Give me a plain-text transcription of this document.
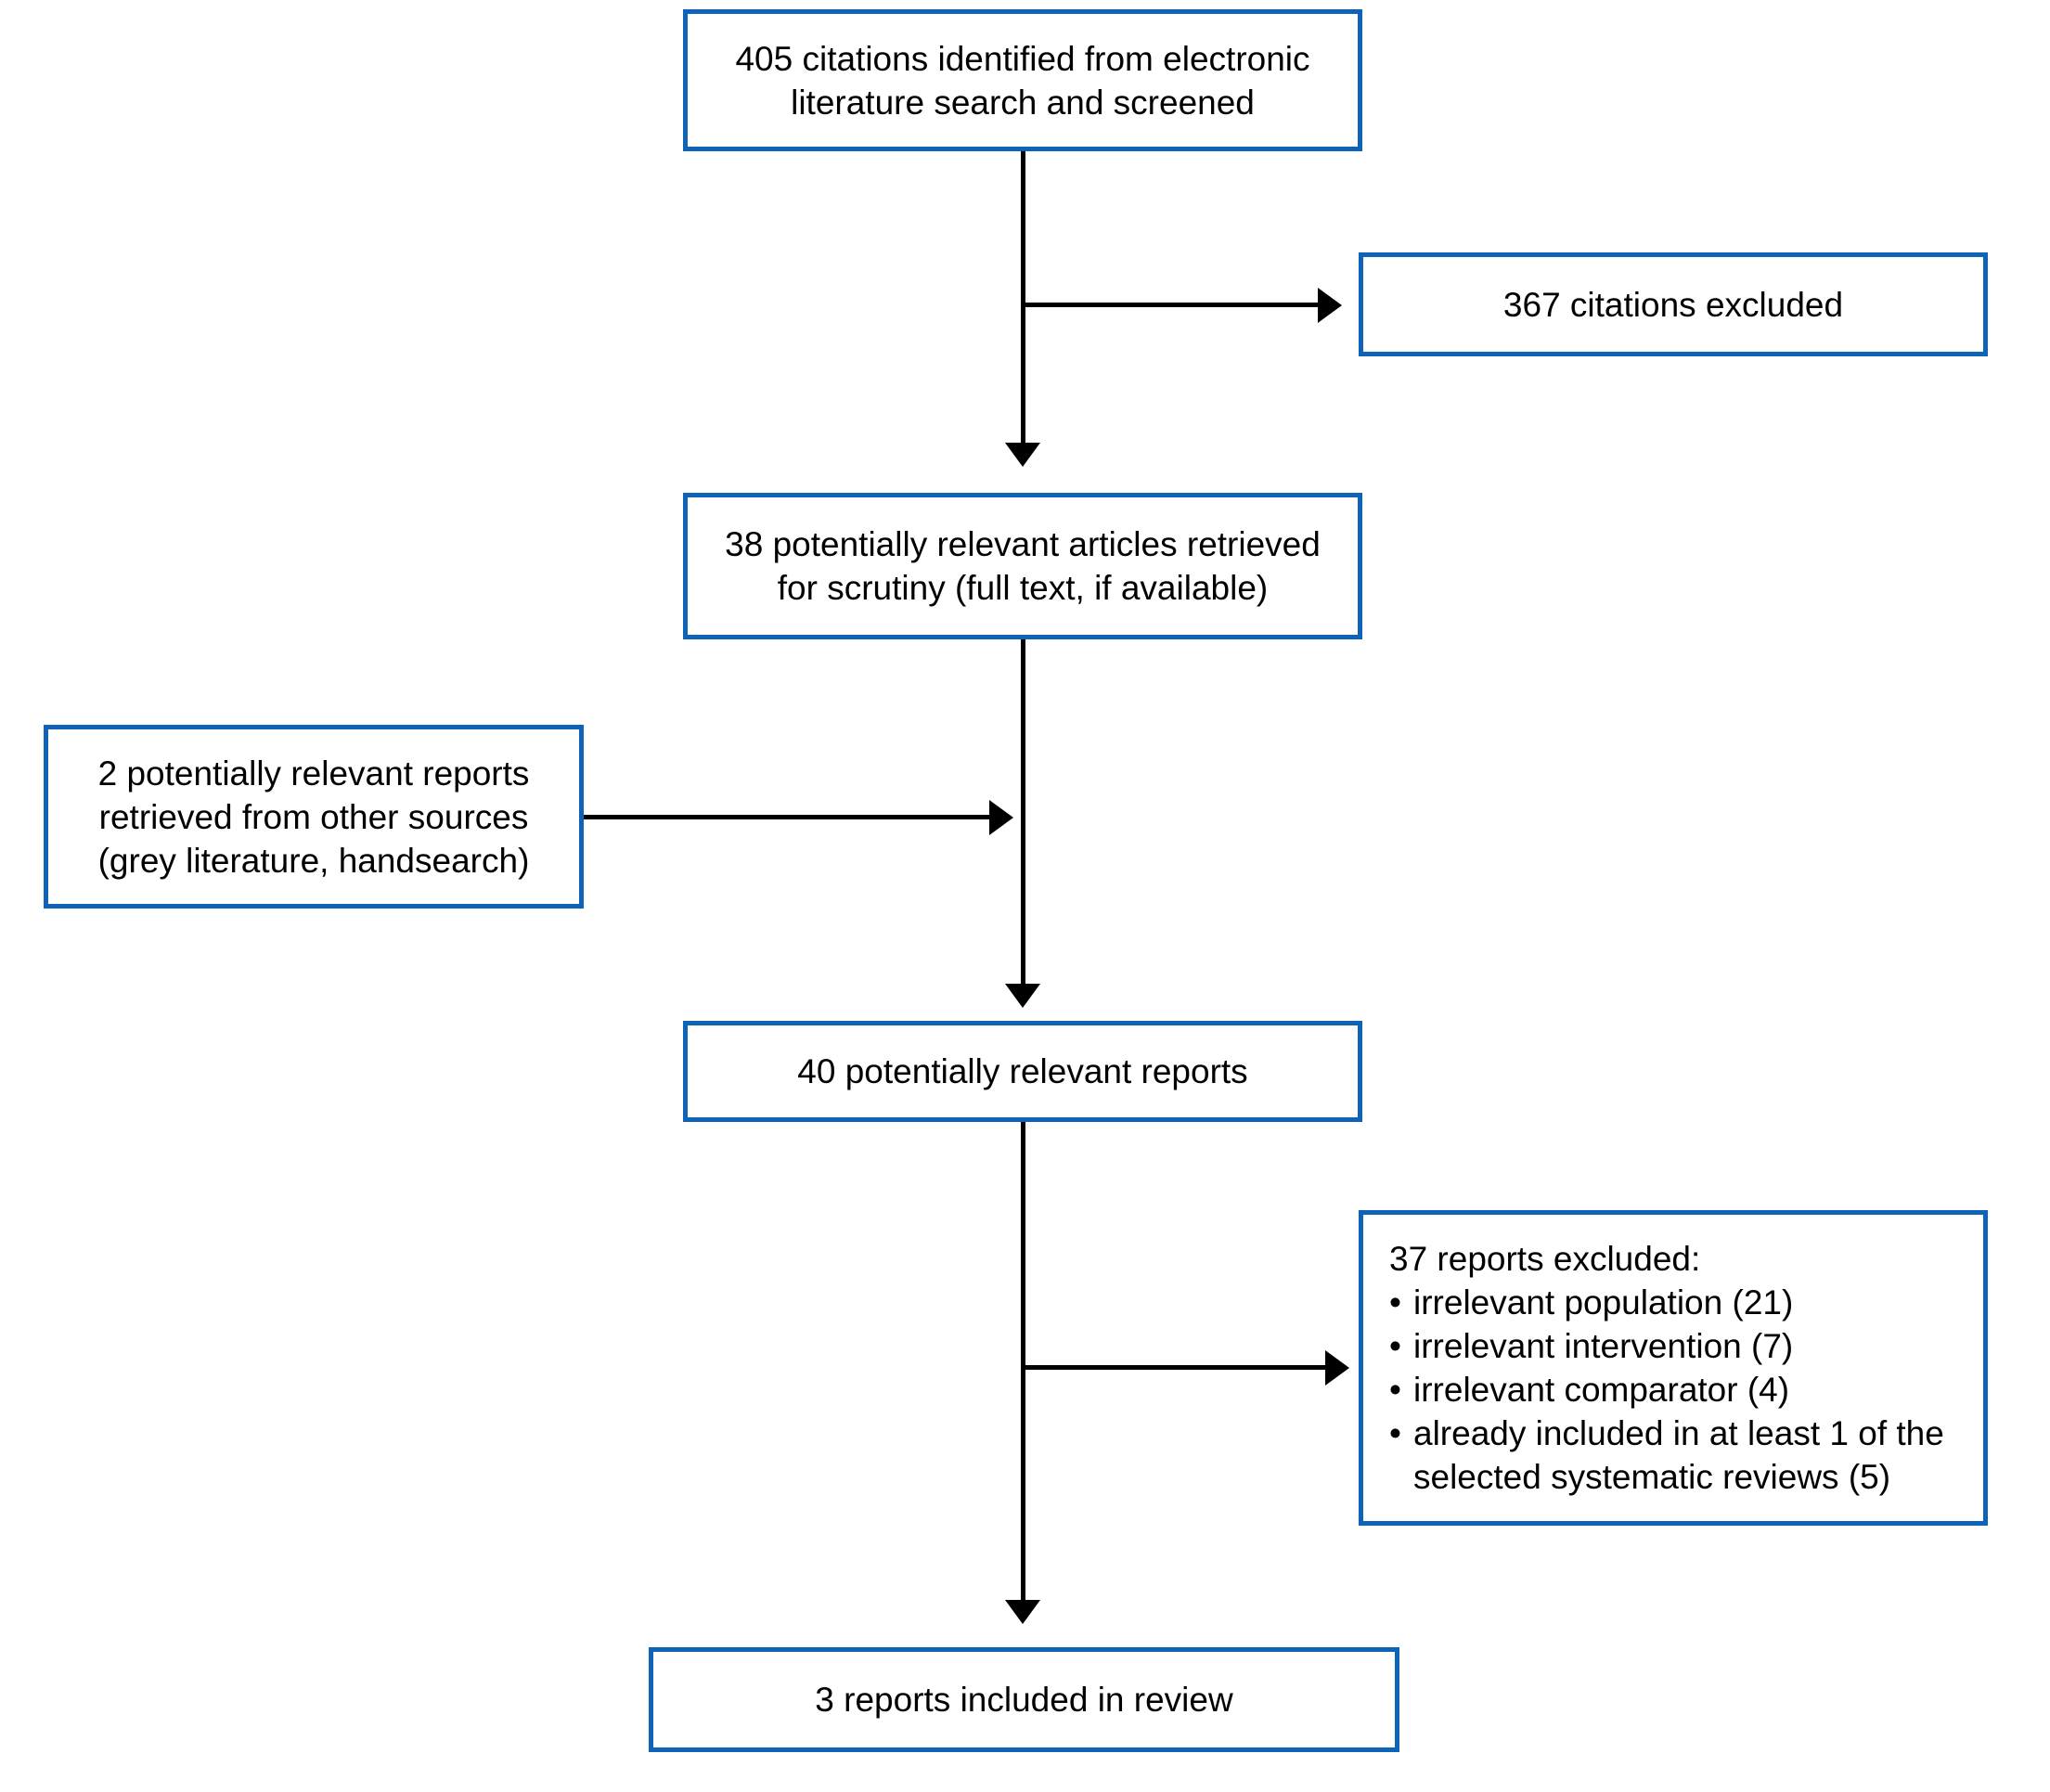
405 citations identified from electronic literature search and screened
367 citations excluded
38 potentially relevant articles retrieved for scrutiny (full text, if available)
2 potentially relevant reports retrieved from other sources (grey literature, handsearch)
40 potentially relevant reports
37 reports excluded:
• irrelevant population (21)
• irrelevant intervention (7)
• irrelevant comparator (4)
• already included in at least 1 of the selected systematic reviews (5)
3 reports included in review
